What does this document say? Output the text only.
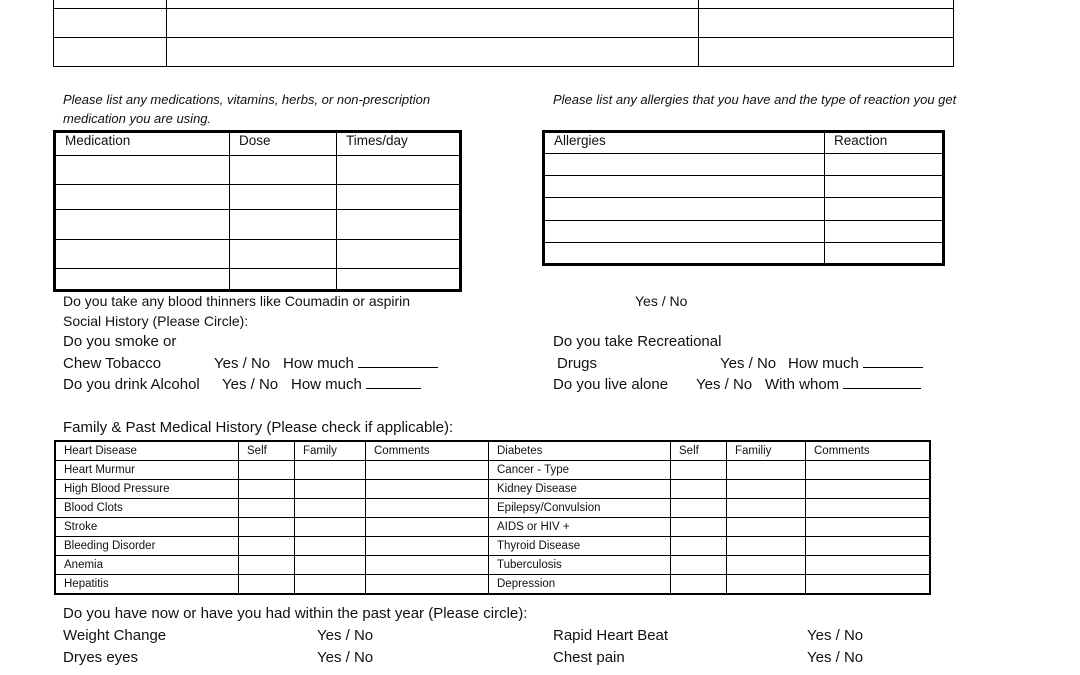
Please list any medications, vitamins, herbs, or non-prescription medication you are using.
Medication	Dose	Times/day

Please list any allergies that you have and the type of reaction you get
Allergies	Reaction

Do you take any blood thinners like Coumadin or aspirin	Yes / No
Social History (Please Circle):
Do you smoke or
Chew Tobacco	Yes / No How much
Do you drink Alcohol Yes / No How much
Do you take Recreational
Drugs	Yes / No How much
Do you live alone Yes / No With whom
Family & Past Medical History (Please check if applicable):
Heart Disease	Self	Family	Comments	Diabetes	Self	Familiy	Comments
Heart Murmur				Cancer - Type			
High Blood Pressure				Kidney Disease			
Blood Clots				Epilepsy/Convulsion			
Stroke				AIDS or HIV +			
Bleeding Disorder				Thyroid Disease			
Anemia				Tuberculosis			
Hepatitis				Depression			
Do you have now or have you had within the past year (Please circle):
Weight Change	Yes / No	Rapid Heart Beat	Yes / No
Dryes eyes	Yes / No	Chest pain	Yes / No
